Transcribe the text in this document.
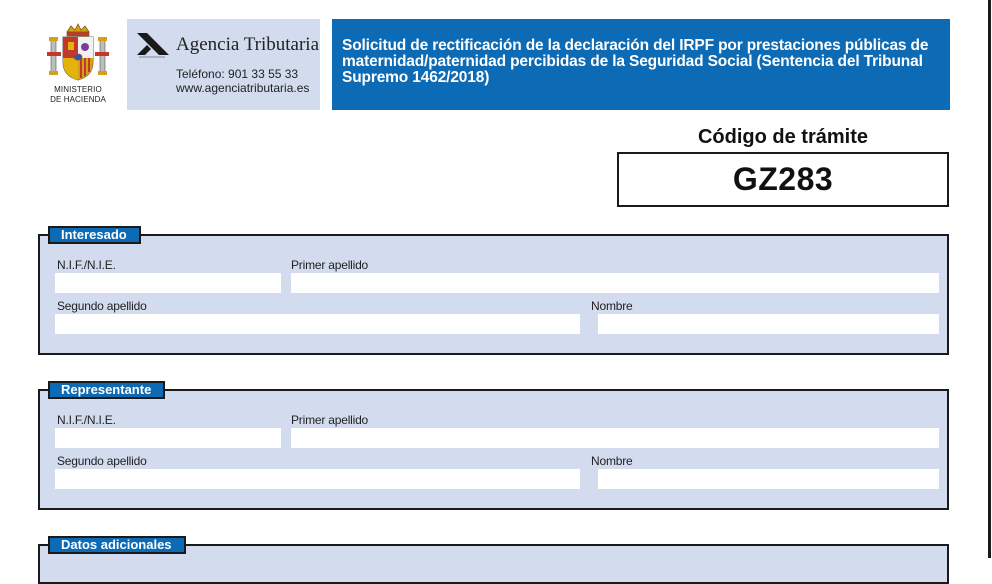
MINISTERIO
DE HACIENDA
Agencia Tributaria
Teléfono: 901 33 55 33
www.agenciatributaria.es
Solicitud de rectificación de la declaración del IRPF por prestaciones públicas de maternidad/paternidad percibidas de la Seguridad Social (Sentencia del Tribunal Supremo 1462/2018)
Código de trámite
GZ283
Interesado
N.I.F./N.I.E.	Primer apellido
Segundo apellido	Nombre
Representante
N.I.F./N.I.E.	Primer apellido
Segundo apellido	Nombre
Datos adicionales
